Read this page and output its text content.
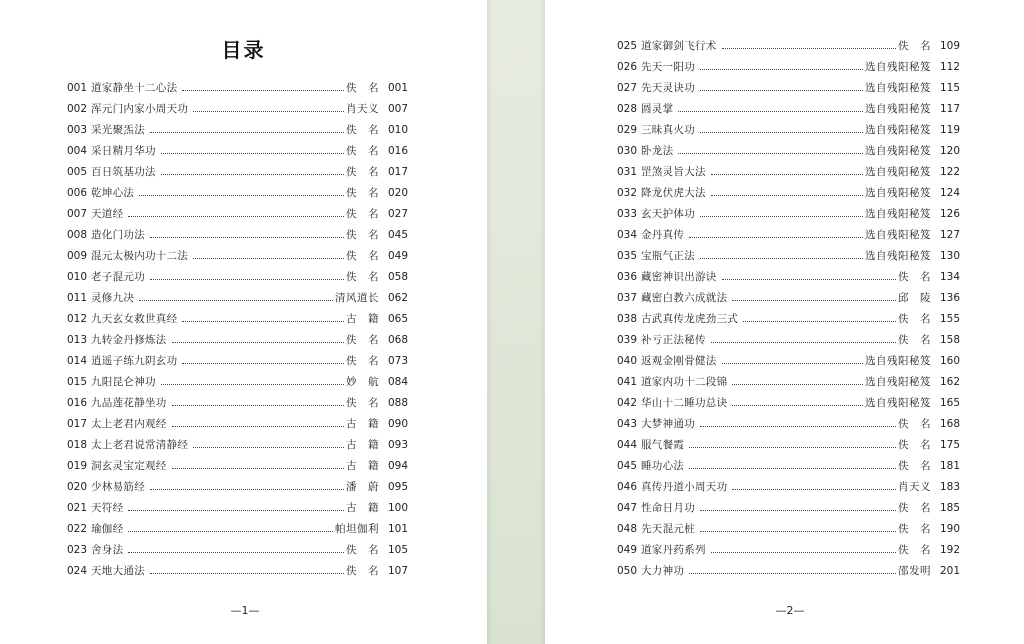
目录
001 道家静坐十二心法	佚　名 001
002 浑元门内家小周天功	肖天义 007
003 采光聚炁法	佚　名 010
004 采日精月华功	佚　名 016
005 百日筑基功法	佚　名 017
006 乾坤心法	佚　名 020
007 天道经	佚　名 027
008 造化门功法	佚　名 045
009 混元太极内功十二法	佚　名 049
010 老子混元功	佚　名 058
011 灵修九决	清风道长 062
012 九天玄女救世真经	古　籍 065
013 九转金丹修炼法	佚　名 068
014 逍遥子练九阴玄功	佚　名 073
015 九阳昆仑神功	妙　航 084
016 九品莲花静坐功	佚　名 088
017 太上老君内观经	古　籍 090
018 太上老君说常清静经	古　籍 093
019 洞玄灵宝定观经	古　籍 094
020 少林易筋经	潘　蔚 095
021 天符经	古　籍 100
022 瑜伽经	帕坦伽利 101
023 舍身法	佚　名 105
024 天地大通法	佚　名 107
—1—	—2—
025 道家御剑飞行术	佚　名 109
026 先天一阳功	选自残阳秘笈 112
027 先天灵诀功	选自残阳秘笈 115
028 圆灵掌	选自残阳秘笈 117
029 三昧真火功	选自残阳秘笈 119
030 卧龙法	选自残阳秘笈 120
031 罡煞灵旨大法	选自残阳秘笈 122
032 降龙伏虎大法	选自残阳秘笈 124
033 玄天护体功	选自残阳秘笈 126
034 金丹真传	选自残阳秘笈 127
035 宝瓶气正法	选自残阳秘笈 130
036 藏密神识出游诀	佚　名 134
037 藏密白教六成就法	邱　陵 136
038 古武真传龙虎劲三式	佚　名 155
039 补亏正法秘传	佚　名 158
040 返观金刚骨健法	选自残阳秘笈 160
041 道家内功十二段锦	选自残阳秘笈 162
042 华山十二睡功总诀	选自残阳秘笈 165
043 大梦神通功	佚　名 168
044 服气餐霞	佚　名 175
045 睡功心法	佚　名 181
046 真传丹道小周天功	肖天义 183
047 性命日月功	佚　名 185
048 先天混元桩	佚　名 190
049 道家丹药系列	佚　名 192
050 大力神功	邵发明 201
